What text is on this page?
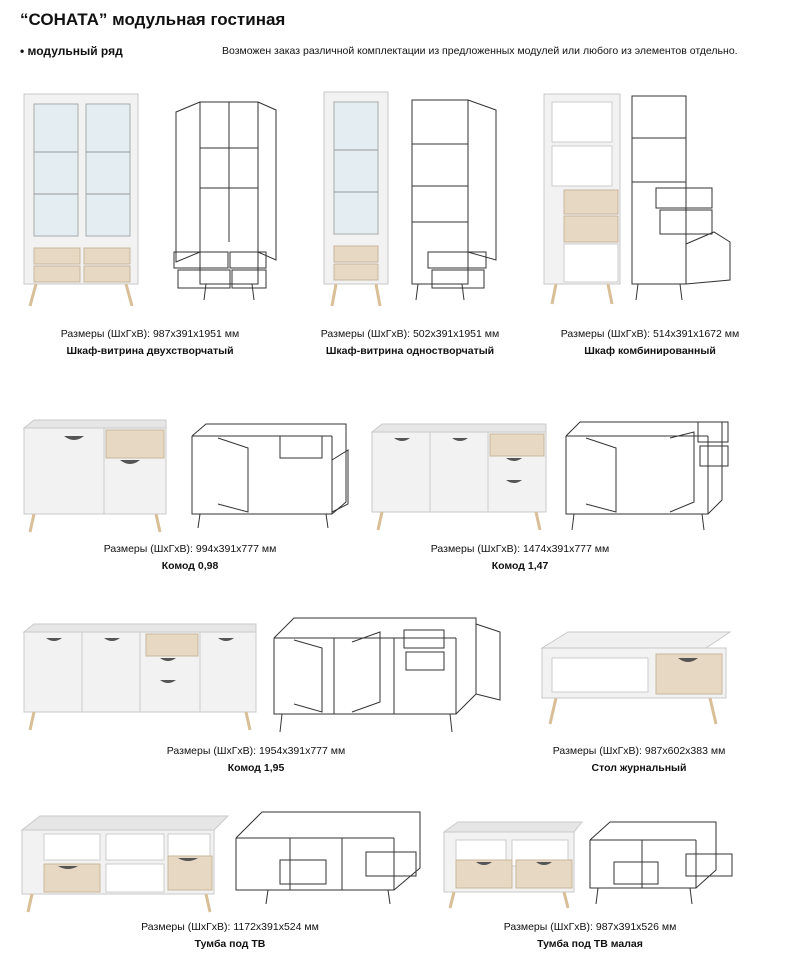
“СОНАТА” модульная гостиная
• модульный ряд	Возможен заказ различной комплектации из предложенных модулей или любого из элементов отдельно.
Размеры (ШхГхВ): 987х391х1951 мм
Шкаф-витрина двухстворчатый
Размеры (ШхГхВ): 502х391х1951 мм
Шкаф-витрина одностворчатый
Размеры (ШхГхВ): 514х391х1672 мм
Шкаф комбинированный
Размеры (ШхГхВ): 994х391х777 мм
Комод 0,98
Размеры (ШхГхВ): 1474х391х777 мм
Комод 1,47
Размеры (ШхГхВ): 1954х391х777 мм
Комод 1,95
Размеры (ШхГхВ): 987х602х383 мм
Стол журнальный
Размеры (ШхГхВ): 1172х391х524 мм
Тумба под ТВ
Размеры (ШхГхВ): 987х391х526 мм
Тумба под ТВ малая
